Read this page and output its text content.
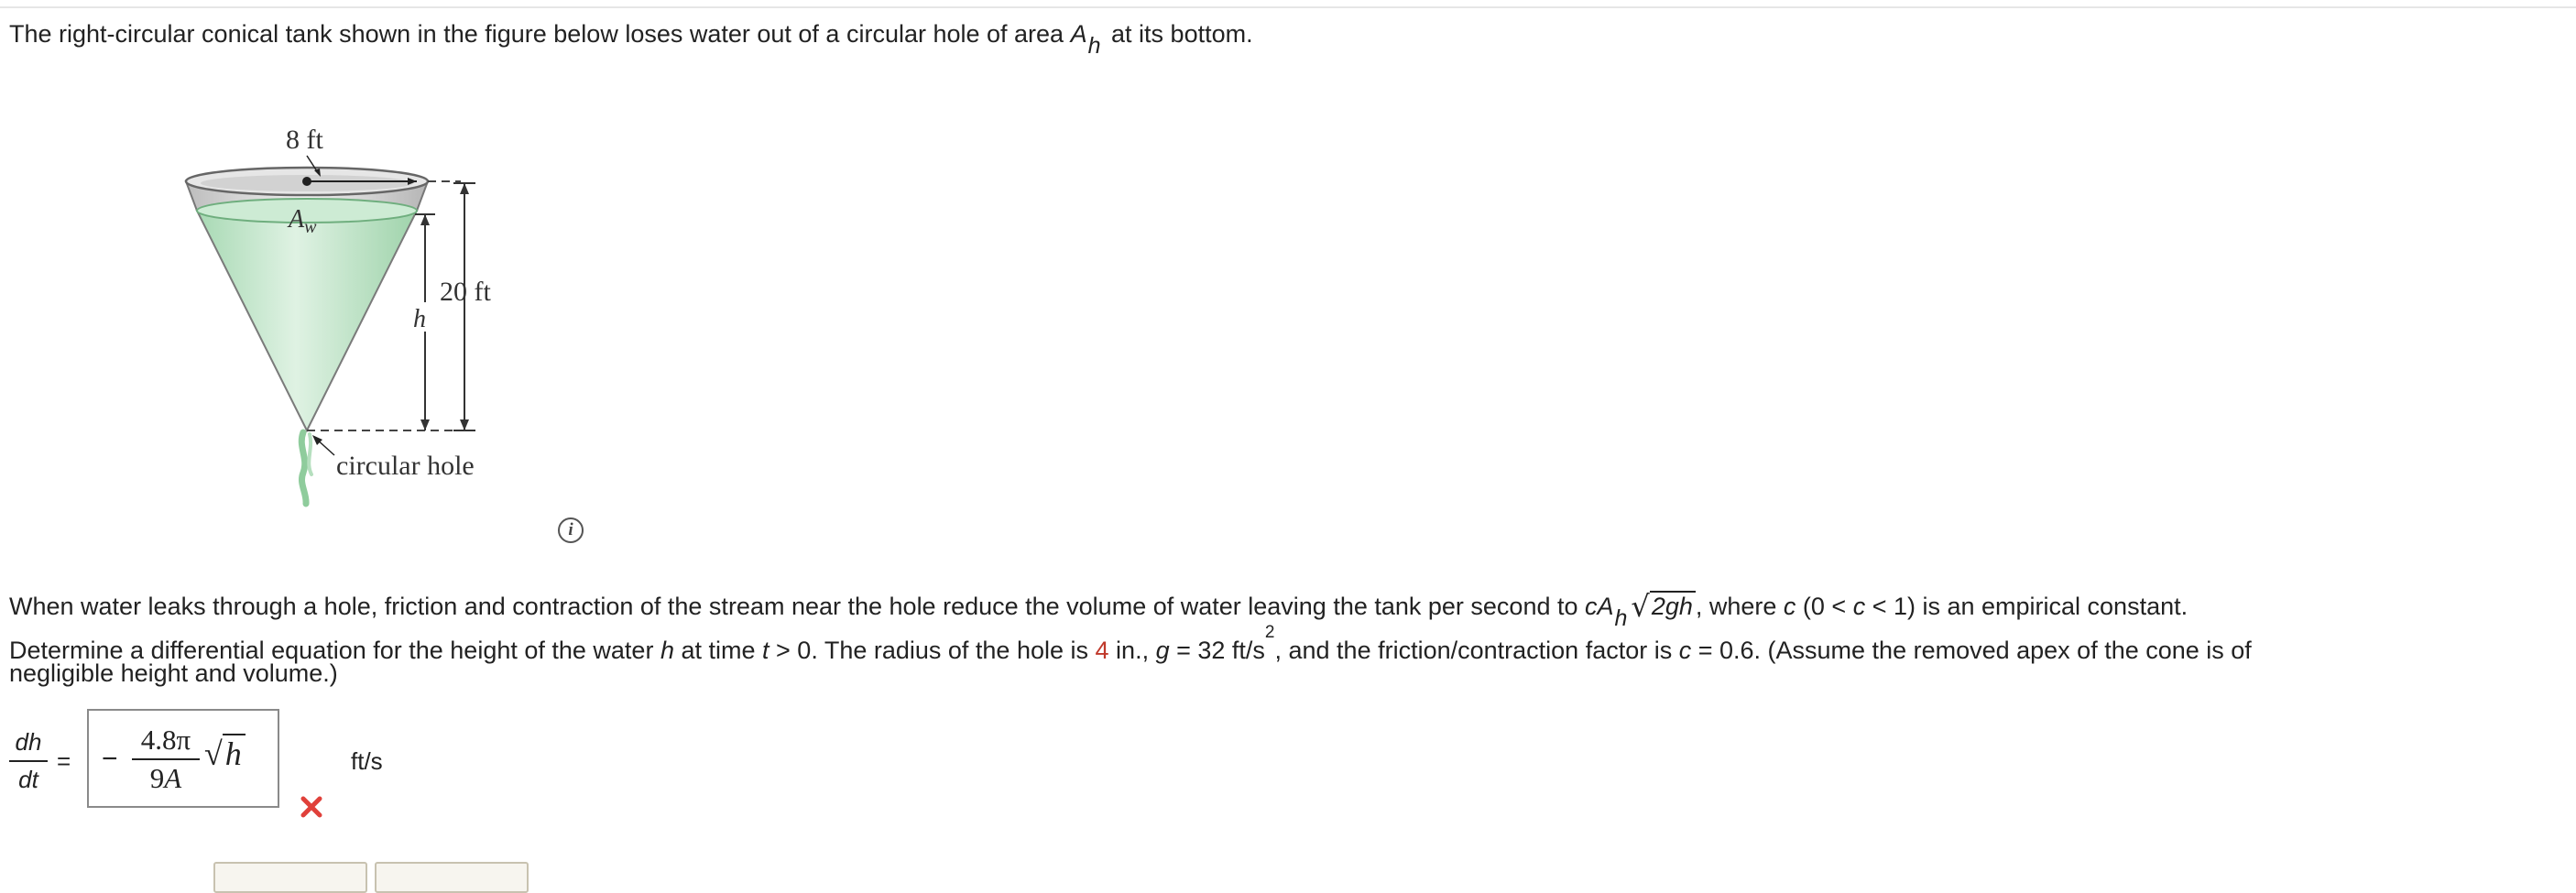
The right-circular conical tank shown in the figure below loses water out of a circular hole of area Ah at its bottom.
8 ft
$A_w$
20 ft
h
circular hole
i
When water leaks through a hole, friction and contraction of the stream near the hole reduce the volume of water leaving the tank per second to cAh √2gh , where c (0 < c < 1) is an empirical constant.
Determine a differential equation for the height of the water h at time t > 0. The radius of the hole is 4 in., g = 32 $ft/s^2$, and the friction/contraction factor is c = 0.6. (Assume the removed apex of the cone is of
negligible height and volume.)
$\frac{dh}{dt}$ = − $\frac{4.8\pi}{9A} √h$	ft/s
